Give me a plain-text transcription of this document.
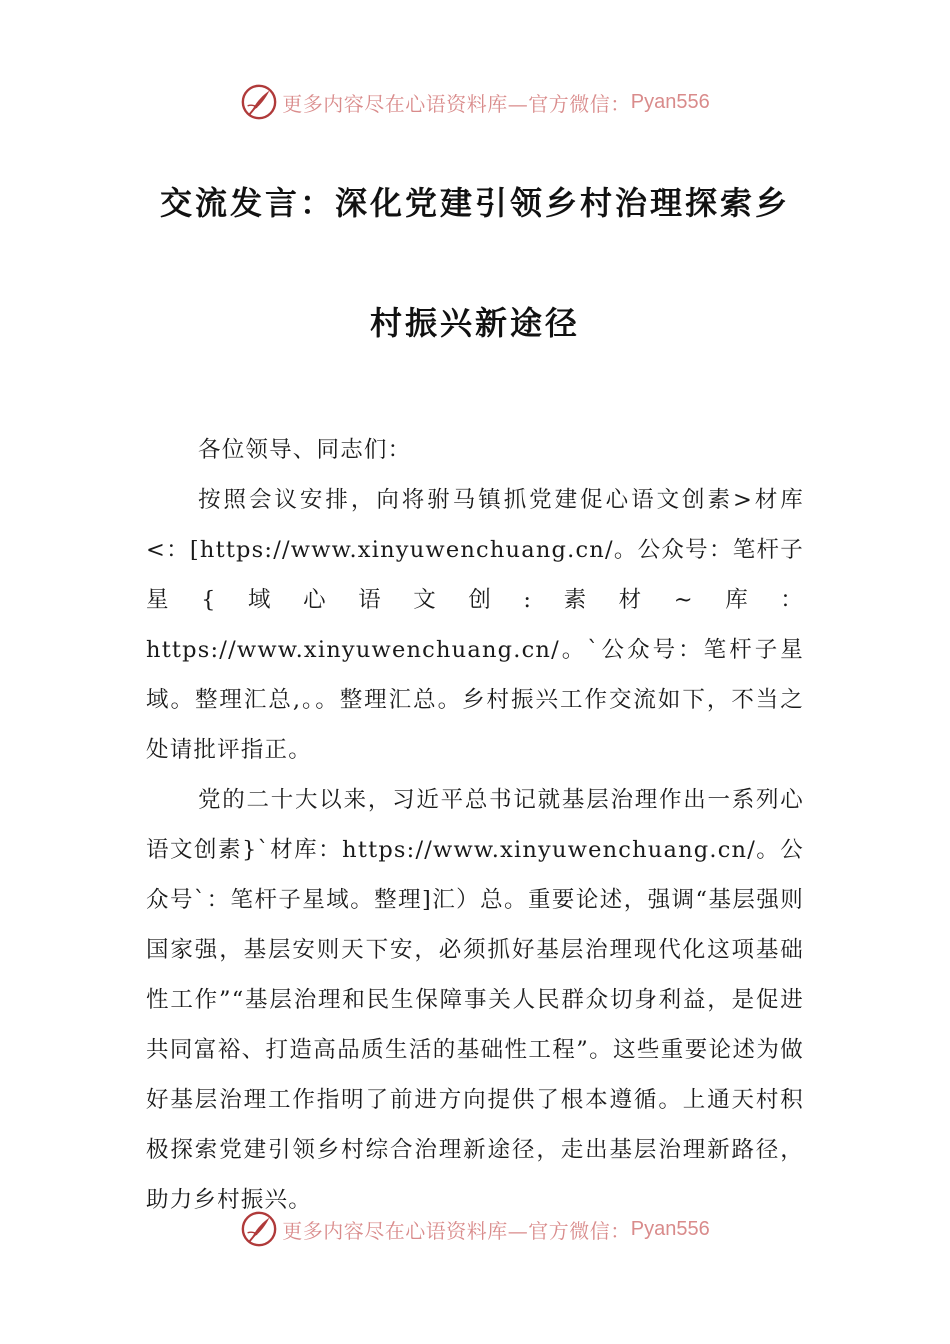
更多内容尽在心语资料库—官方微信： Pyan556
交流发言：深化党建引领乡村治理探索乡
村振兴新途径

各位领导、同志们：

按照会议安排，向将驸马镇抓党建促心语文创素>材库<：[https://www.xinyuwenchuang.cn/。公众号：笔杆子星{域心语文创:素材~库：https://www.xinyuwenchuang.cn/。`公众号：笔杆子星域。整理汇总,。。整理汇总。乡村振兴工作交流如下，不当之处请批评指正。

党的二十大以来，习近平总书记就基层治理作出一系列心语文创素}`材库：https://www.xinyuwenchuang.cn/。公众号`：笔杆子星域。整理]汇）总。重要论述，强调“基层强则国家强，基层安则天下安，必须抓好基层治理现代化这项基础性工作”“基层治理和民生保障事关人民群众切身利益，是促进共同富裕、打造高品质生活的基础性工程”。这些重要论述为做好基层治理工作指明了前进方向提供了根本遵循。上通天村积极探索党建引领乡村综合治理新途径，走出基层治理新路径，助力乡村振兴。

更多内容尽在心语资料库—官方微信： Pyan556
